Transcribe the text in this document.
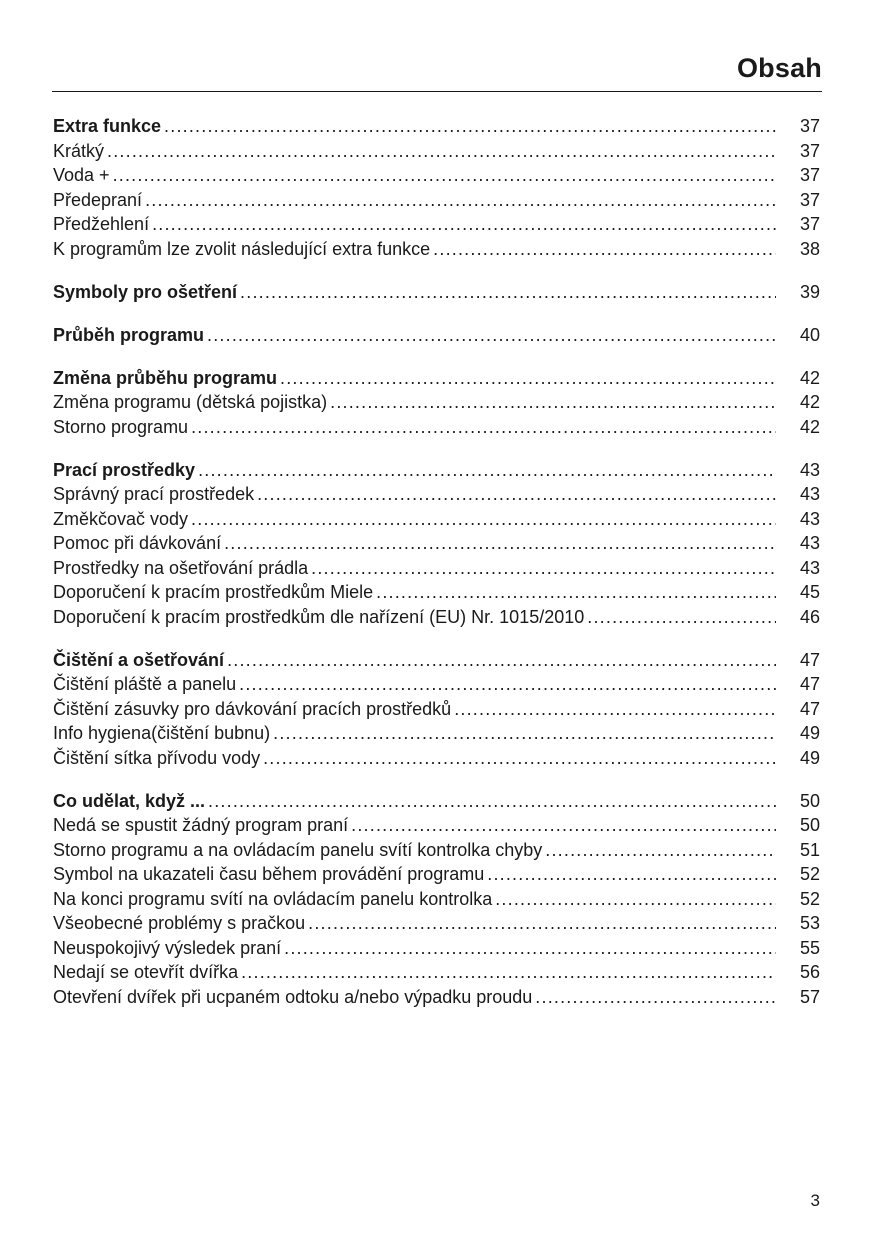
Obsah
Extra funkce .....	37
Krátký .....	37
Voda + .....	37
Předepraní .....	37
Předžehlení .....	37
K programům lze zvolit následující extra funkce .....	38
Symboly pro ošetření .....	39
Průběh programu .....	40
Změna průběhu programu .....	42
Změna programu (dětská pojistka) .....	42
Storno programu .....	42
Prací prostředky .....	43
Správný prací prostředek .....	43
Změkčovač vody .....	43
Pomoc při dávkování .....	43
Prostředky na ošetřování prádla .....	43
Doporučení k pracím prostředkům Miele .....	45
Doporučení k pracím prostředkům dle nařízení (EU) Nr. 1015/2010 .....	46
Čištění a ošetřování .....	47
Čištění pláště a panelu .....	47
Čištění zásuvky pro dávkování pracích prostředků .....	47
Info hygiena(čištění bubnu) .....	49
Čištění sítka přívodu vody .....	49
Co udělat, když ... .....	50
Nedá se spustit žádný program praní .....	50
Storno programu a na ovládacím panelu svítí kontrolka chyby .....	51
Symbol na ukazateli času během provádění programu .....	52
Na konci programu svítí na ovládacím panelu kontrolka .....	52
Všeobecné problémy s pračkou .....	53
Neuspokojivý výsledek praní .....	55
Nedají se otevřít dvířka .....	56
Otevření dvířek při ucpaném odtoku a/nebo výpadku proudu .....	57
3
